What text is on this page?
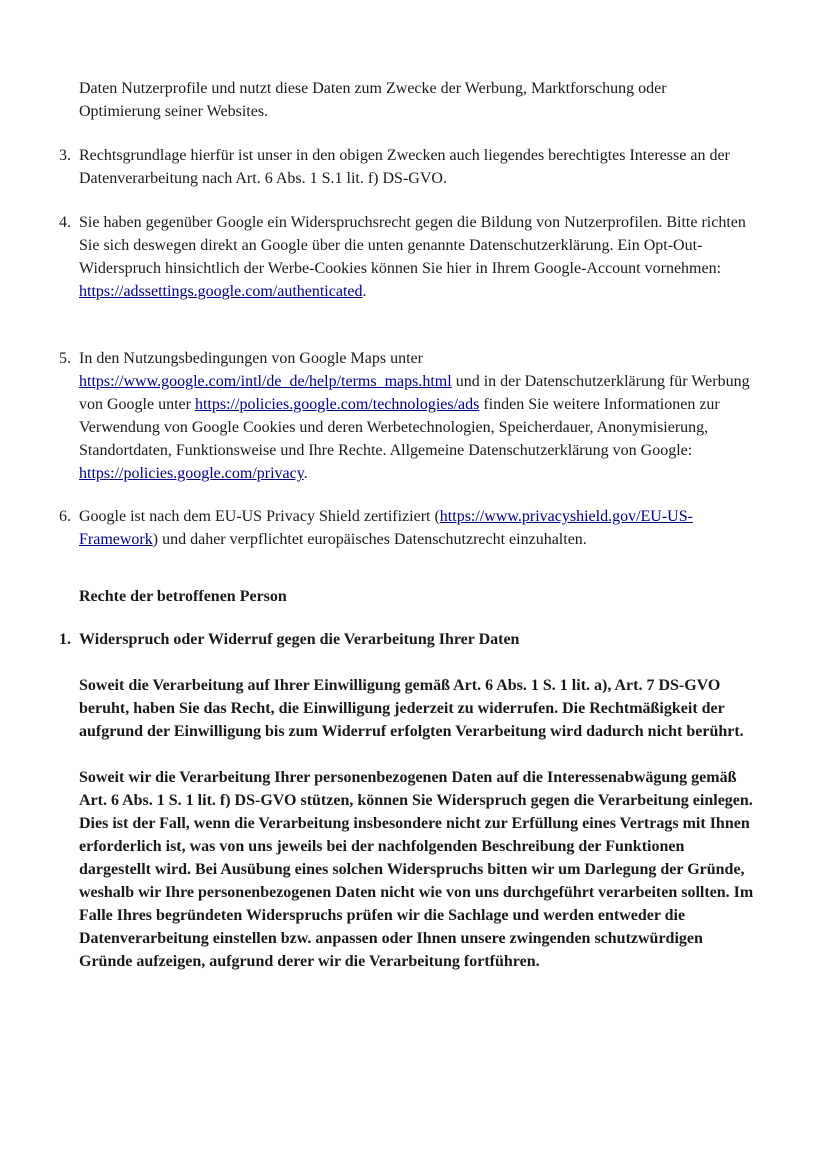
Daten Nutzerprofile und nutzt diese Daten zum Zwecke der Werbung, Marktforschung oder

Optimierung seiner Websites.

3. Rechtsgrundlage hierfür ist unser in den obigen Zwecken auch liegendes berechtigtes Interesse an der Datenverarbeitung nach Art. 6 Abs. 1 S.1 lit. f) DS-GVO.

4. Sie haben gegenüber Google ein Widerspruchsrecht gegen die Bildung von Nutzerprofilen. Bitte richten Sie sich deswegen direkt an Google über die unten genannte Datenschutzerklärung. Ein Opt-Out-Widerspruch hinsichtlich der Werbe-Cookies können Sie hier in Ihrem Google-Account vornehmen:

https://adssettings.google.com/authenticated.

5. In den Nutzungsbedingungen von Google Maps unter

https://www.google.com/intl/de_de/help/terms_maps.html und in der Datenschutzerklärung für Werbung von Google unter https://policies.google.com/technologies/ads finden Sie weitere Informationen zur Verwendung von Google Cookies und deren Werbetechnologien, Speicherdauer, Anonymisierung, Standortdaten, Funktionsweise und Ihre Rechte. Allgemeine Datenschutzerklärung von Google: https://policies.google.com/privacy.

6. Google ist nach dem EU-US Privacy Shield zertifiziert (https://www.privacyshield.gov/EU-US-Framework) und daher verpflichtet europäisches Datenschutzrecht einzuhalten.

Rechte der betroffenen Person

1. Widerspruch oder Widerruf gegen die Verarbeitung Ihrer Daten

Soweit die Verarbeitung auf Ihrer Einwilligung gemäß Art. 6 Abs. 1 S. 1 lit. a), Art. 7 DS-GVO beruht, haben Sie das Recht, die Einwilligung jederzeit zu widerrufen. Die Rechtmäßigkeit der aufgrund der Einwilligung bis zum Widerruf erfolgten Verarbeitung wird dadurch nicht berührt.

Soweit wir die Verarbeitung Ihrer personenbezogenen Daten auf die Interessenabwägung gemäß Art. 6 Abs. 1 S. 1 lit. f) DS-GVO stützen, können Sie Widerspruch gegen die Verarbeitung einlegen. Dies ist der Fall, wenn die Verarbeitung insbesondere nicht zur Erfüllung eines Vertrags mit Ihnen erforderlich ist, was von uns jeweils bei der nachfolgenden Beschreibung der Funktionen dargestellt wird. Bei Ausübung eines solchen Widerspruchs bitten wir um Darlegung der Gründe, weshalb wir Ihre personenbezogenen Daten nicht wie von uns durchgeführt verarbeiten sollten. Im Falle Ihres begründeten Widerspruchs prüfen wir die Sachlage und werden entweder die Datenverarbeitung einstellen bzw. anpassen oder Ihnen unsere zwingenden schutzwürdigen Gründe aufzeigen, aufgrund derer wir die Verarbeitung fortführen.
